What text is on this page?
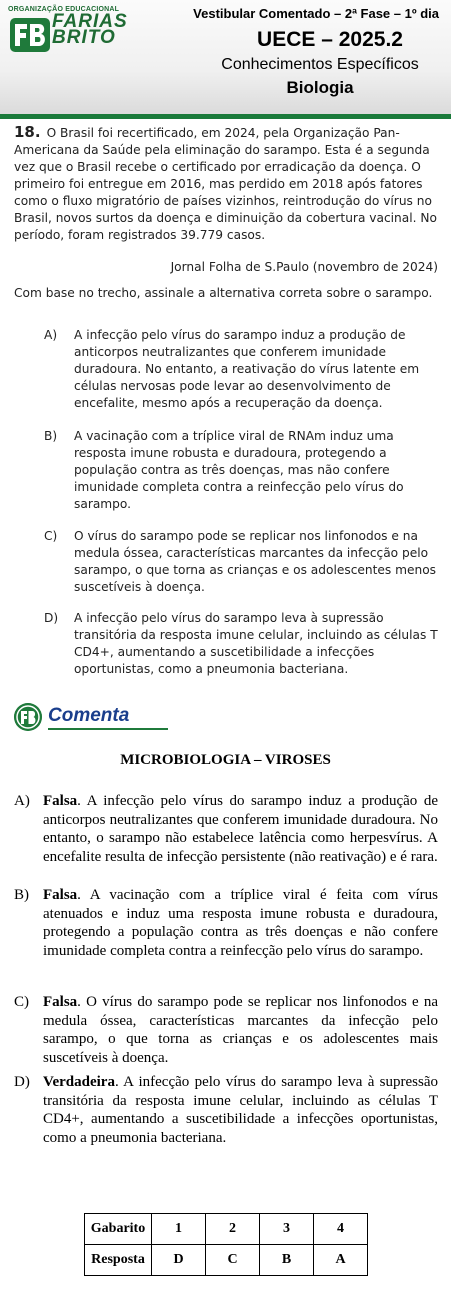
ORGANIZAÇÃO EDUCACIONAL
FARIAS
BRITO
Vestibular Comentado – 2ª Fase – 1º dia
UECE – 2025.2
Conhecimentos Específicos
Biologia
18. O Brasil foi recertificado, em 2024, pela Organização Pan-Americana da Saúde pela eliminação do sarampo. Esta é a segunda vez que o Brasil recebe o certificado por erradicação da doença. O primeiro foi entregue em 2016, mas perdido em 2018 após fatores como o fluxo migratório de países vizinhos, reintrodução do vírus no Brasil, novos surtos da doença e diminuição da cobertura vacinal. No período, foram registrados 39.779 casos.
Jornal Folha de S.Paulo (novembro de 2024)
Com base no trecho, assinale a alternativa correta sobre o sarampo.
A) A infecção pelo vírus do sarampo induz a produção de anticorpos neutralizantes que conferem imunidade duradoura. No entanto, a reativação do vírus latente em células nervosas pode levar ao desenvolvimento de encefalite, mesmo após a recuperação da doença.
B) A vacinação com a tríplice viral de RNAm induz uma resposta imune robusta e duradoura, protegendo a população contra as três doenças, mas não confere imunidade completa contra a reinfecção pelo vírus do sarampo.
C) O vírus do sarampo pode se replicar nos linfonodos e na medula óssea, características marcantes da infecção pelo sarampo, o que torna as crianças e os adolescentes menos suscetíveis à doença.
D) A infecção pelo vírus do sarampo leva à supressão transitória da resposta imune celular, incluindo as células T CD4+, aumentando a suscetibilidade a infecções oportunistas, como a pneumonia bacteriana.
Comenta
MICROBIOLOGIA – VIROSES
A) Falsa. A infecção pelo vírus do sarampo induz a produção de anticorpos neutralizantes que conferem imunidade duradoura. No entanto, o sarampo não estabelece latência como herpesvírus. A encefalite resulta de infecção persistente (não reativação) e é rara.
B) Falsa. A vacinação com a tríplice viral é feita com vírus atenuados e induz uma resposta imune robusta e duradoura, protegendo a população contra as três doenças e não confere imunidade completa contra a reinfecção pelo vírus do sarampo.
C) Falsa. O vírus do sarampo pode se replicar nos linfonodos e na medula óssea, características marcantes da infecção pelo sarampo, o que torna as crianças e os adolescentes mais suscetíveis à doença.
D) Verdadeira. A infecção pelo vírus do sarampo leva à supressão transitória da resposta imune celular, incluindo as células T CD4+, aumentando a suscetibilidade a infecções oportunistas, como a pneumonia bacteriana.
Gabarito	1	2	3	4
Resposta	D	C	B	A
